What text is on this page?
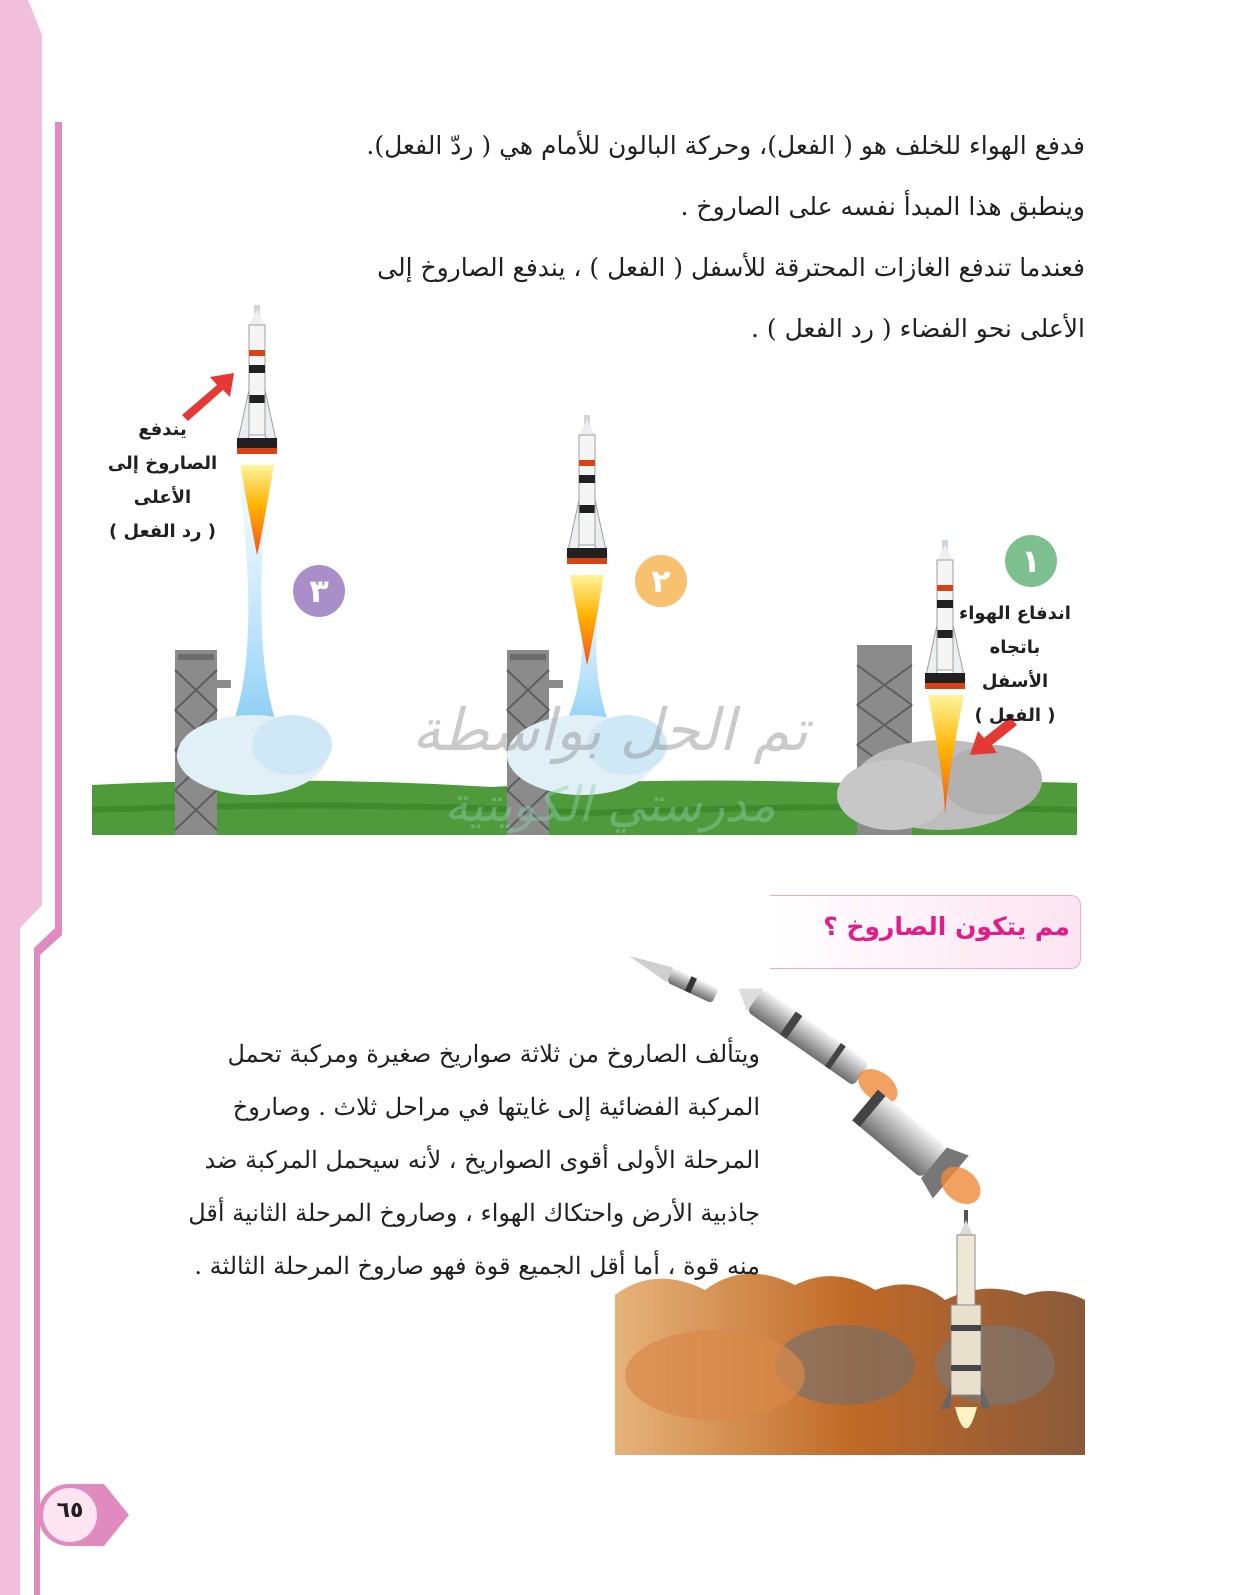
فدفع الهواء للخلف هو ( الفعل)، وحركة البالون للأمام هي ( ردّ الفعل).

وينطبق هذا المبدأ نفسه على الصاروخ .

فعندما تندفع الغازات المحترقة للأسفل ( الفعل ) ، يندفع الصاروخ إلى

الأعلى نحو الفضاء ( رد الفعل ) .

١
٢
٣
اندفاع الهواء
باتجاه الأسفل
( الفعل )
يندفع
الصاروخ إلى
الأعلى
( رد الفعل )
تم الحل بواسطة
مدرستي الكويتية
مم يتكون الصاروخ ؟

ويتألف الصاروخ من ثلاثة صواريخ صغيرة ومركبة تحمل

المركبة الفضائية إلى غايتها في مراحل ثلاث . وصاروخ

المرحلة الأولى أقوى الصواريخ ، لأنه سيحمل المركبة ضد

جاذبية الأرض واحتكاك الهواء ، وصاروخ المرحلة الثانية أقل

منه قوة ، أما أقل الجميع قوة فهو صاروخ المرحلة الثالثة .

٦٥
